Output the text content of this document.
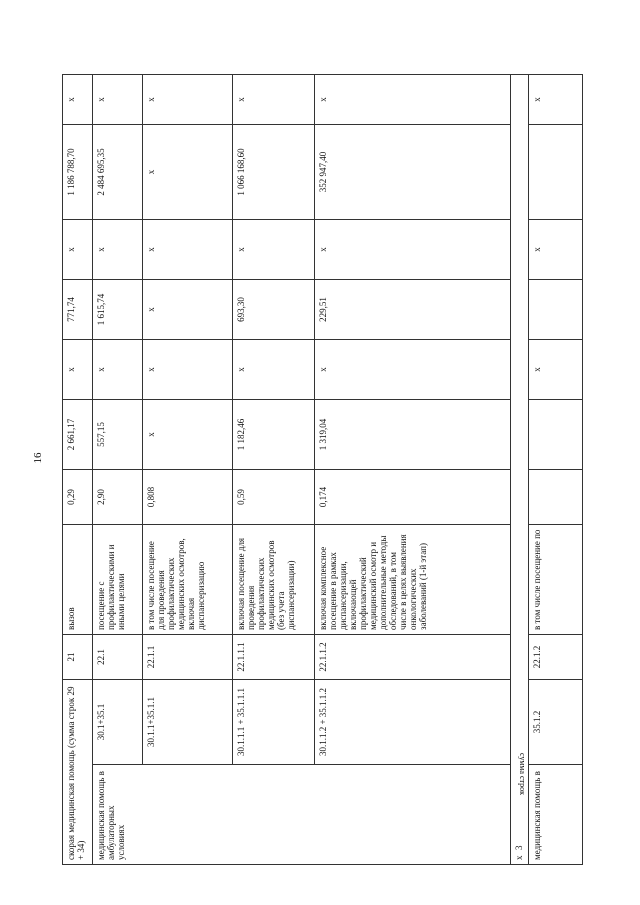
16
скорая медицинская помощь (сумма строк 29 + 34)		21	вызов	0,29	2 661,17	x	771,74	x	1 186 788,70	x
медицинская помощь в амбулаторных условиях	30.1+35.1	22.1	посещение с профилактическими и иными целями	2,90	557,15	x	1 615,74	x	2 484 695,35	x
	30.1.1+35.1.1	22.1.1	в том числе посещение для проведения профилактических медицинских осмотров, включая диспансеризацию	0,808	x	x	x	x	x	x
	30.1.1.1 + 35.1.1.1	22.1.1.1	включая посещение для проведения профилактических медицинских осмотров (без учета диспансеризации)	0,59	1 182,46	x	693,30	x	1 066 168,60	x
	30.1.1.2 + 35.1.1.2	22.1.1.2	включая комплексное посещение в рамках диспансеризации, включающей профилактический медицинский осмотр и дополнительные методы обследований, в том числе в целях выявления онкологических заболеваний (1-й этап)	0,174	1 319,04	x	229,51	x	352 947,40	x

сумма строк
x
3										

медицинская помощь в	35.1.2	22.1.2	в том числе посещение по			x		x		x
